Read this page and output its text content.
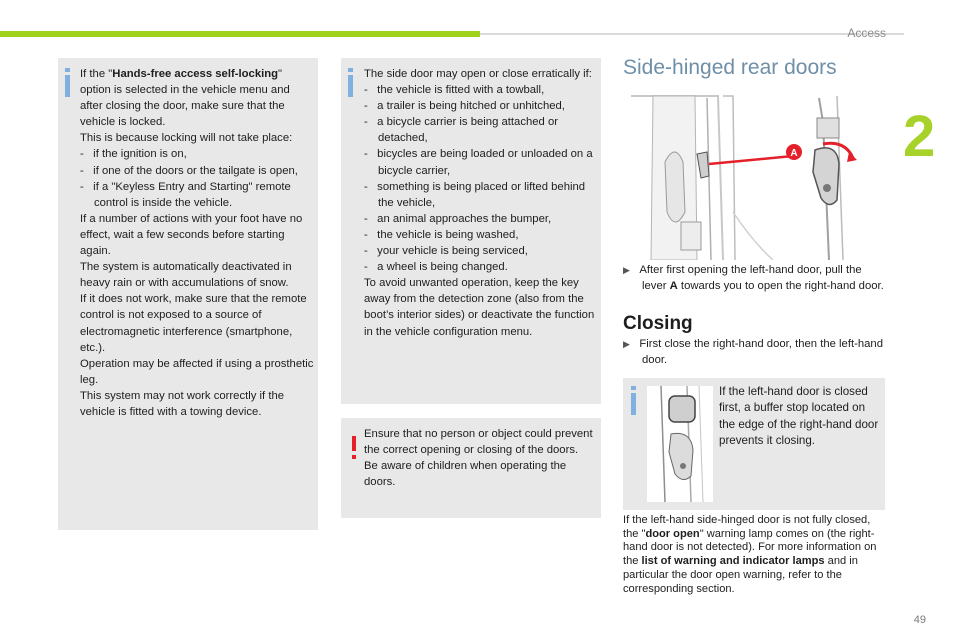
Access
2

If the "Hands-free access self-locking"

option is selected in the vehicle menu and after closing the door, make sure that the vehicle is locked.

This is because locking will not take place:

-   if the ignition is on,

-   if one of the doors or the tailgate is open,

-   if a "Keyless Entry and Starting" remote control is inside the vehicle.

If a number of actions with your foot have no effect, wait a few seconds before starting again.

The system is automatically deactivated in heavy rain or with accumulations of snow.

If it does not work, make sure that the remote control is not exposed to a source of electromagnetic interference (smartphone, etc.).

Operation may be affected if using a prosthetic leg.

This system may not work correctly if the vehicle is fitted with a towing device.

The side door may open or close erratically if:

-   the vehicle is fitted with a towball,

-   a trailer is being hitched or unhitched,

-   a bicycle carrier is being attached or detached,

-   bicycles are being loaded or unloaded on a bicycle carrier,

-   something is being placed or lifted behind the vehicle,

-   an animal approaches the bumper,

-   the vehicle is being washed,

-   your vehicle is being serviced,

-   a wheel is being changed.

To avoid unwanted operation, keep the key away from the detection zone (also from the boot’s interior sides) or deactivate the function in the vehicle configuration menu.

Ensure that no person or object could prevent the correct opening or closing of the doors.

Be aware of children when operating the doors.

Side-hinged rear doors
A
▶ After first opening the left-hand door, pull the lever A towards you to open the right-hand door.
Closing
▶ First close the right-hand door, then the left-hand door.
If the left-hand door is closed first, a buffer stop located on the edge of the right-hand door prevents it closing.
If the left-hand side-hinged door is not fully closed, the "door open" warning lamp comes on (the right-hand door is not detected). For more information on the list of warning and indicator lamps and in particular the door open warning, refer to the corresponding section.
49
